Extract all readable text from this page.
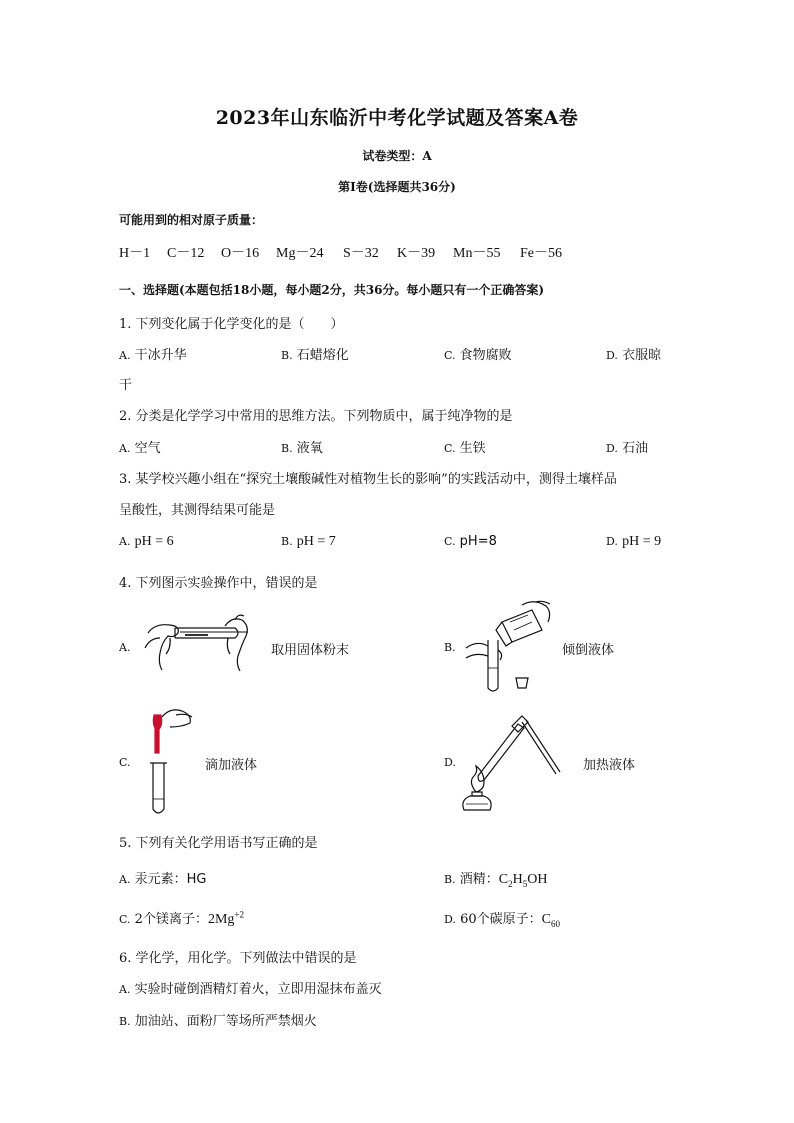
2023年山东临沂中考化学试题及答案A卷
试卷类型：A
第Ⅰ卷(选择题共36分)
可能用到的相对原子质量：
H－1 C－12 O－16 Mg－24 S－32 K－39 Mn－55 Fe－56
一、选择题(本题包括18小题，每小题2分，共36分。每小题只有一个正确答案)
1. 下列变化属于化学变化的是（　　）
A. 干冰升华	B. 石蜡熔化	C. 食物腐败	D. 衣服晾
干
2. 分类是化学学习中常用的思维方法。下列物质中，属于纯净物的是
A. 空气	B. 液氧	C. 生铁	D. 石油
3. 某学校兴趣小组在“探究土壤酸碱性对植物生长的影响”的实践活动中，测得土壤样品
呈酸性，其测得结果可能是
A. pH = 6	B. pH = 7	C. pH=8	D. pH = 9
4. 下列图示实验操作中，错误的是
A.	取用固体粉末	B.	倾倒液体
C.	滴加液体	D.	加热液体
5. 下列有关化学用语书写正确的是
A. 汞元素：HG	B. 酒精：$C_2H_5OH$
C. 2个镁离子：$2Mg^{+2}$	D. 60个碳原子：$C_{60}$
6. 学化学，用化学。下列做法中错误的是
A. 实验时碰倒酒精灯着火，立即用湿抹布盖灭
B. 加油站、面粉厂等场所严禁烟火
